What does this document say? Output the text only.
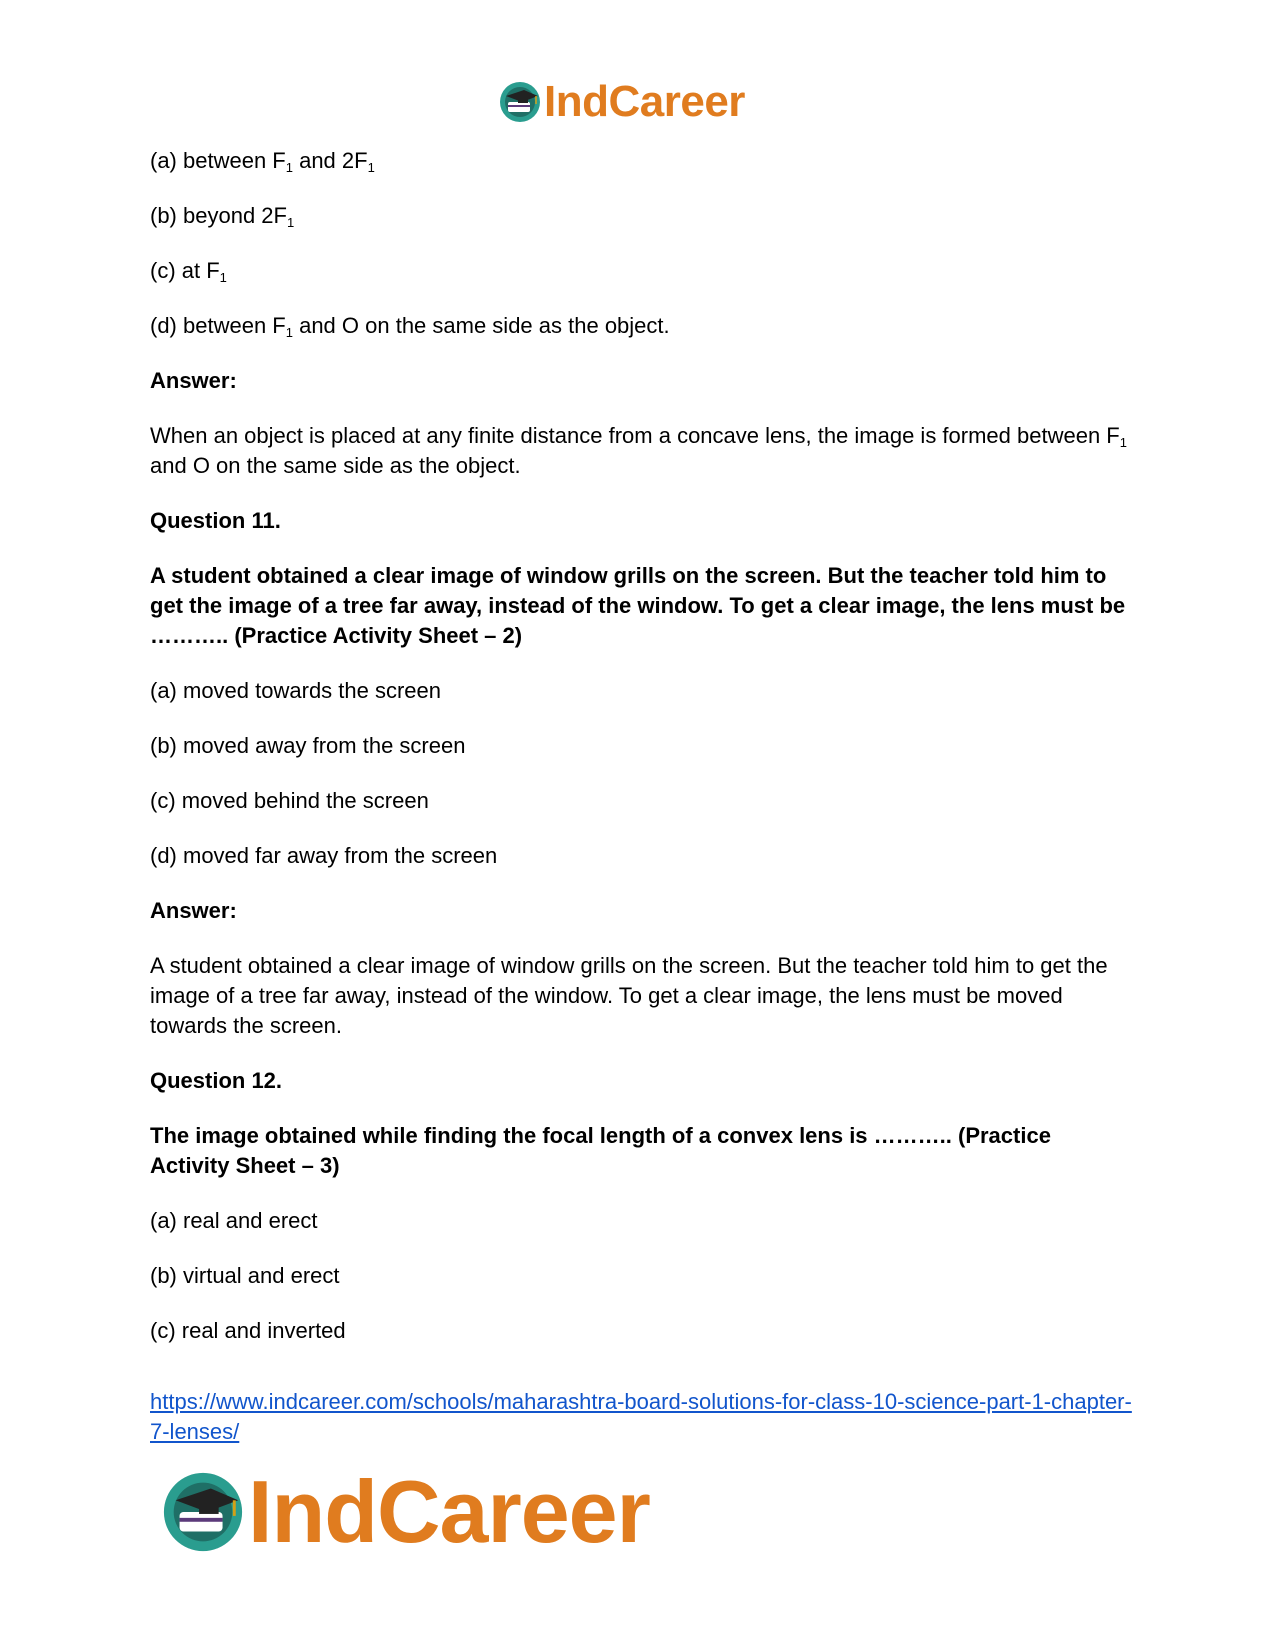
IndCareer

(a) between $F_1$ and $2F_1$

(b) beyond $2F_1$

(c) at $F_1$

(d) between $F_1$ and O on the same side as the object.

Answer:

When an object is placed at any finite distance from a concave lens, the image is formed between $F_1$ and O on the same side as the object.

Question 11.

A student obtained a clear image of window grills on the screen. But the teacher told him to get the image of a tree far away, instead of the window. To get a clear image, the lens must be ……….. (Practice Activity Sheet – 2)

(a) moved towards the screen

(b) moved away from the screen

(c) moved behind the screen

(d) moved far away from the screen

Answer:

A student obtained a clear image of window grills on the screen. But the teacher told him to get the image of a tree far away, instead of the window. To get a clear image, the lens must be moved towards the screen.

Question 12.

The image obtained while finding the focal length of a convex lens is ……….. (Practice Activity Sheet – 3)

(a) real and erect

(b) virtual and erect

(c) real and inverted

https://www.indcareer.com/schools/maharashtra-board-solutions-for-class-10-science-part-1-chapter-7-lenses/
IndCareer
